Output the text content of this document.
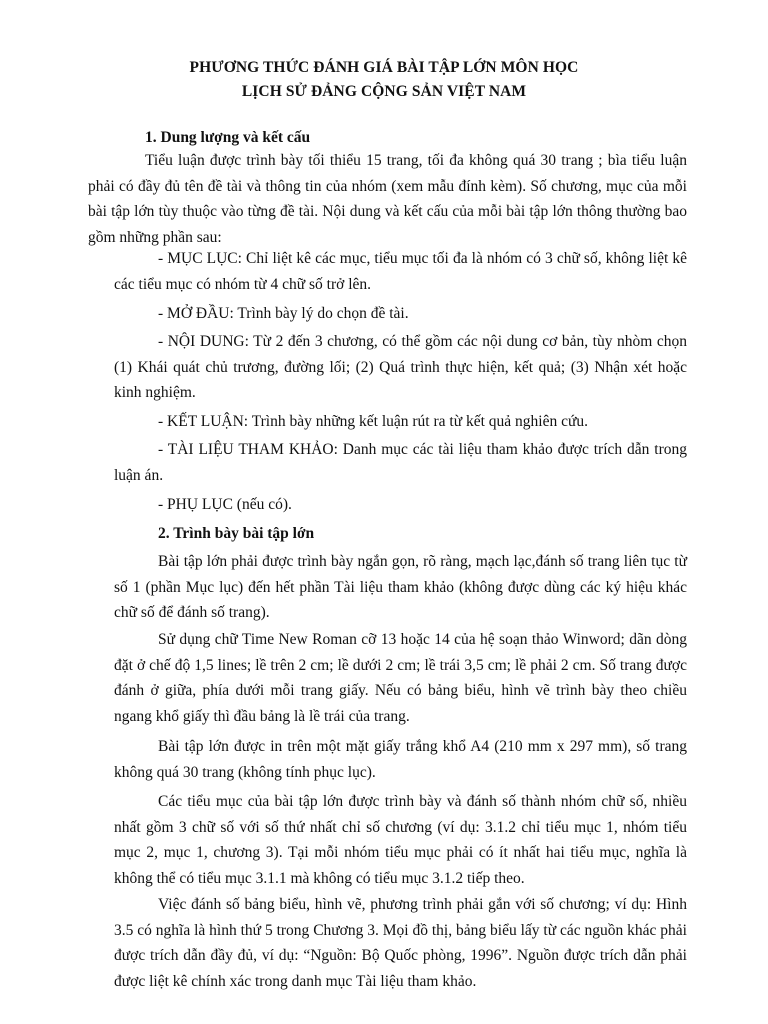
PHƯƠNG THỨC ĐÁNH GIÁ BÀI TẬP LỚN MÔN HỌC
LỊCH SỬ ĐẢNG CỘNG SẢN VIỆT NAM
1. Dung lượng và kết cấu
Tiểu luận được trình bày tối thiểu 15 trang, tối đa không quá 30 trang ; bìa tiểu luận phải có đầy đủ tên đề tài và thông tin của nhóm (xem mẫu đính kèm). Số chương, mục của mỗi bài tập lớn tùy thuộc vào từng đề tài. Nội dung và kết cấu của mỗi bài tập lớn thông thường bao gồm những phần sau:
- MỤC LỤC: Chỉ liệt kê các mục, tiểu mục tối đa là nhóm có 3 chữ số, không liệt kê các tiểu mục có nhóm từ 4 chữ số trở lên.
- MỞ ĐẦU: Trình bày lý do chọn đề tài.
- NỘI DUNG: Từ 2 đến 3 chương, có thể gồm các nội dung cơ bản, tùy nhòm chọn (1) Khái quát chủ trương, đường lối; (2) Quá trình thực hiện, kết quả; (3) Nhận xét hoặc kinh nghiệm.
- KẾT LUẬN: Trình bày những kết luận rút ra từ kết quả nghiên cứu.
- TÀI LIỆU THAM KHẢO: Danh mục các tài liệu tham khảo được trích dẫn trong luận án.
- PHỤ LỤC (nếu có).
2. Trình bày bài tập lớn
Bài tập lớn phải được trình bày ngắn gọn, rõ ràng, mạch lạc,đánh số trang liên tục từ số 1 (phần Mục lục) đến hết phần Tài liệu tham khảo (không được dùng các ký hiệu khác chữ số để đánh số trang).
Sử dụng chữ Time New Roman cỡ 13 hoặc 14 của hệ soạn thảo Winword; dãn dòng đặt ở chế độ 1,5 lines; lề trên 2 cm; lề dưới 2 cm; lề trái 3,5 cm; lề phải 2 cm. Số trang được đánh ở giữa, phía dưới mỗi trang giấy. Nếu có bảng biểu, hình vẽ trình bày theo chiều ngang khổ giấy thì đầu bảng là lề trái của trang.
Bài tập lớn được in trên một mặt giấy trắng khổ A4 (210 mm x 297 mm), số trang không quá 30 trang (không tính phục lục).
Các tiểu mục của bài tập lớn được trình bày và đánh số thành nhóm chữ số, nhiều nhất gồm 3 chữ số với số thứ nhất chỉ số chương (ví dụ: 3.1.2 chỉ tiểu mục 1, nhóm tiểu mục 2, mục 1, chương 3). Tại mỗi nhóm tiểu mục phải có ít nhất hai tiểu mục, nghĩa là không thể có tiểu mục 3.1.1 mà không có tiểu mục 3.1.2 tiếp theo.
Việc đánh số bảng biểu, hình vẽ, phương trình phải gắn với số chương; ví dụ: Hình 3.5 có nghĩa là hình thứ 5 trong Chương 3. Mọi đồ thị, bảng biểu lấy từ các nguồn khác phải được trích dẫn đầy đủ, ví dụ: “Nguồn: Bộ Quốc phòng, 1996”. Nguồn được trích dẫn phải được liệt kê chính xác trong danh mục Tài liệu tham khảo.
